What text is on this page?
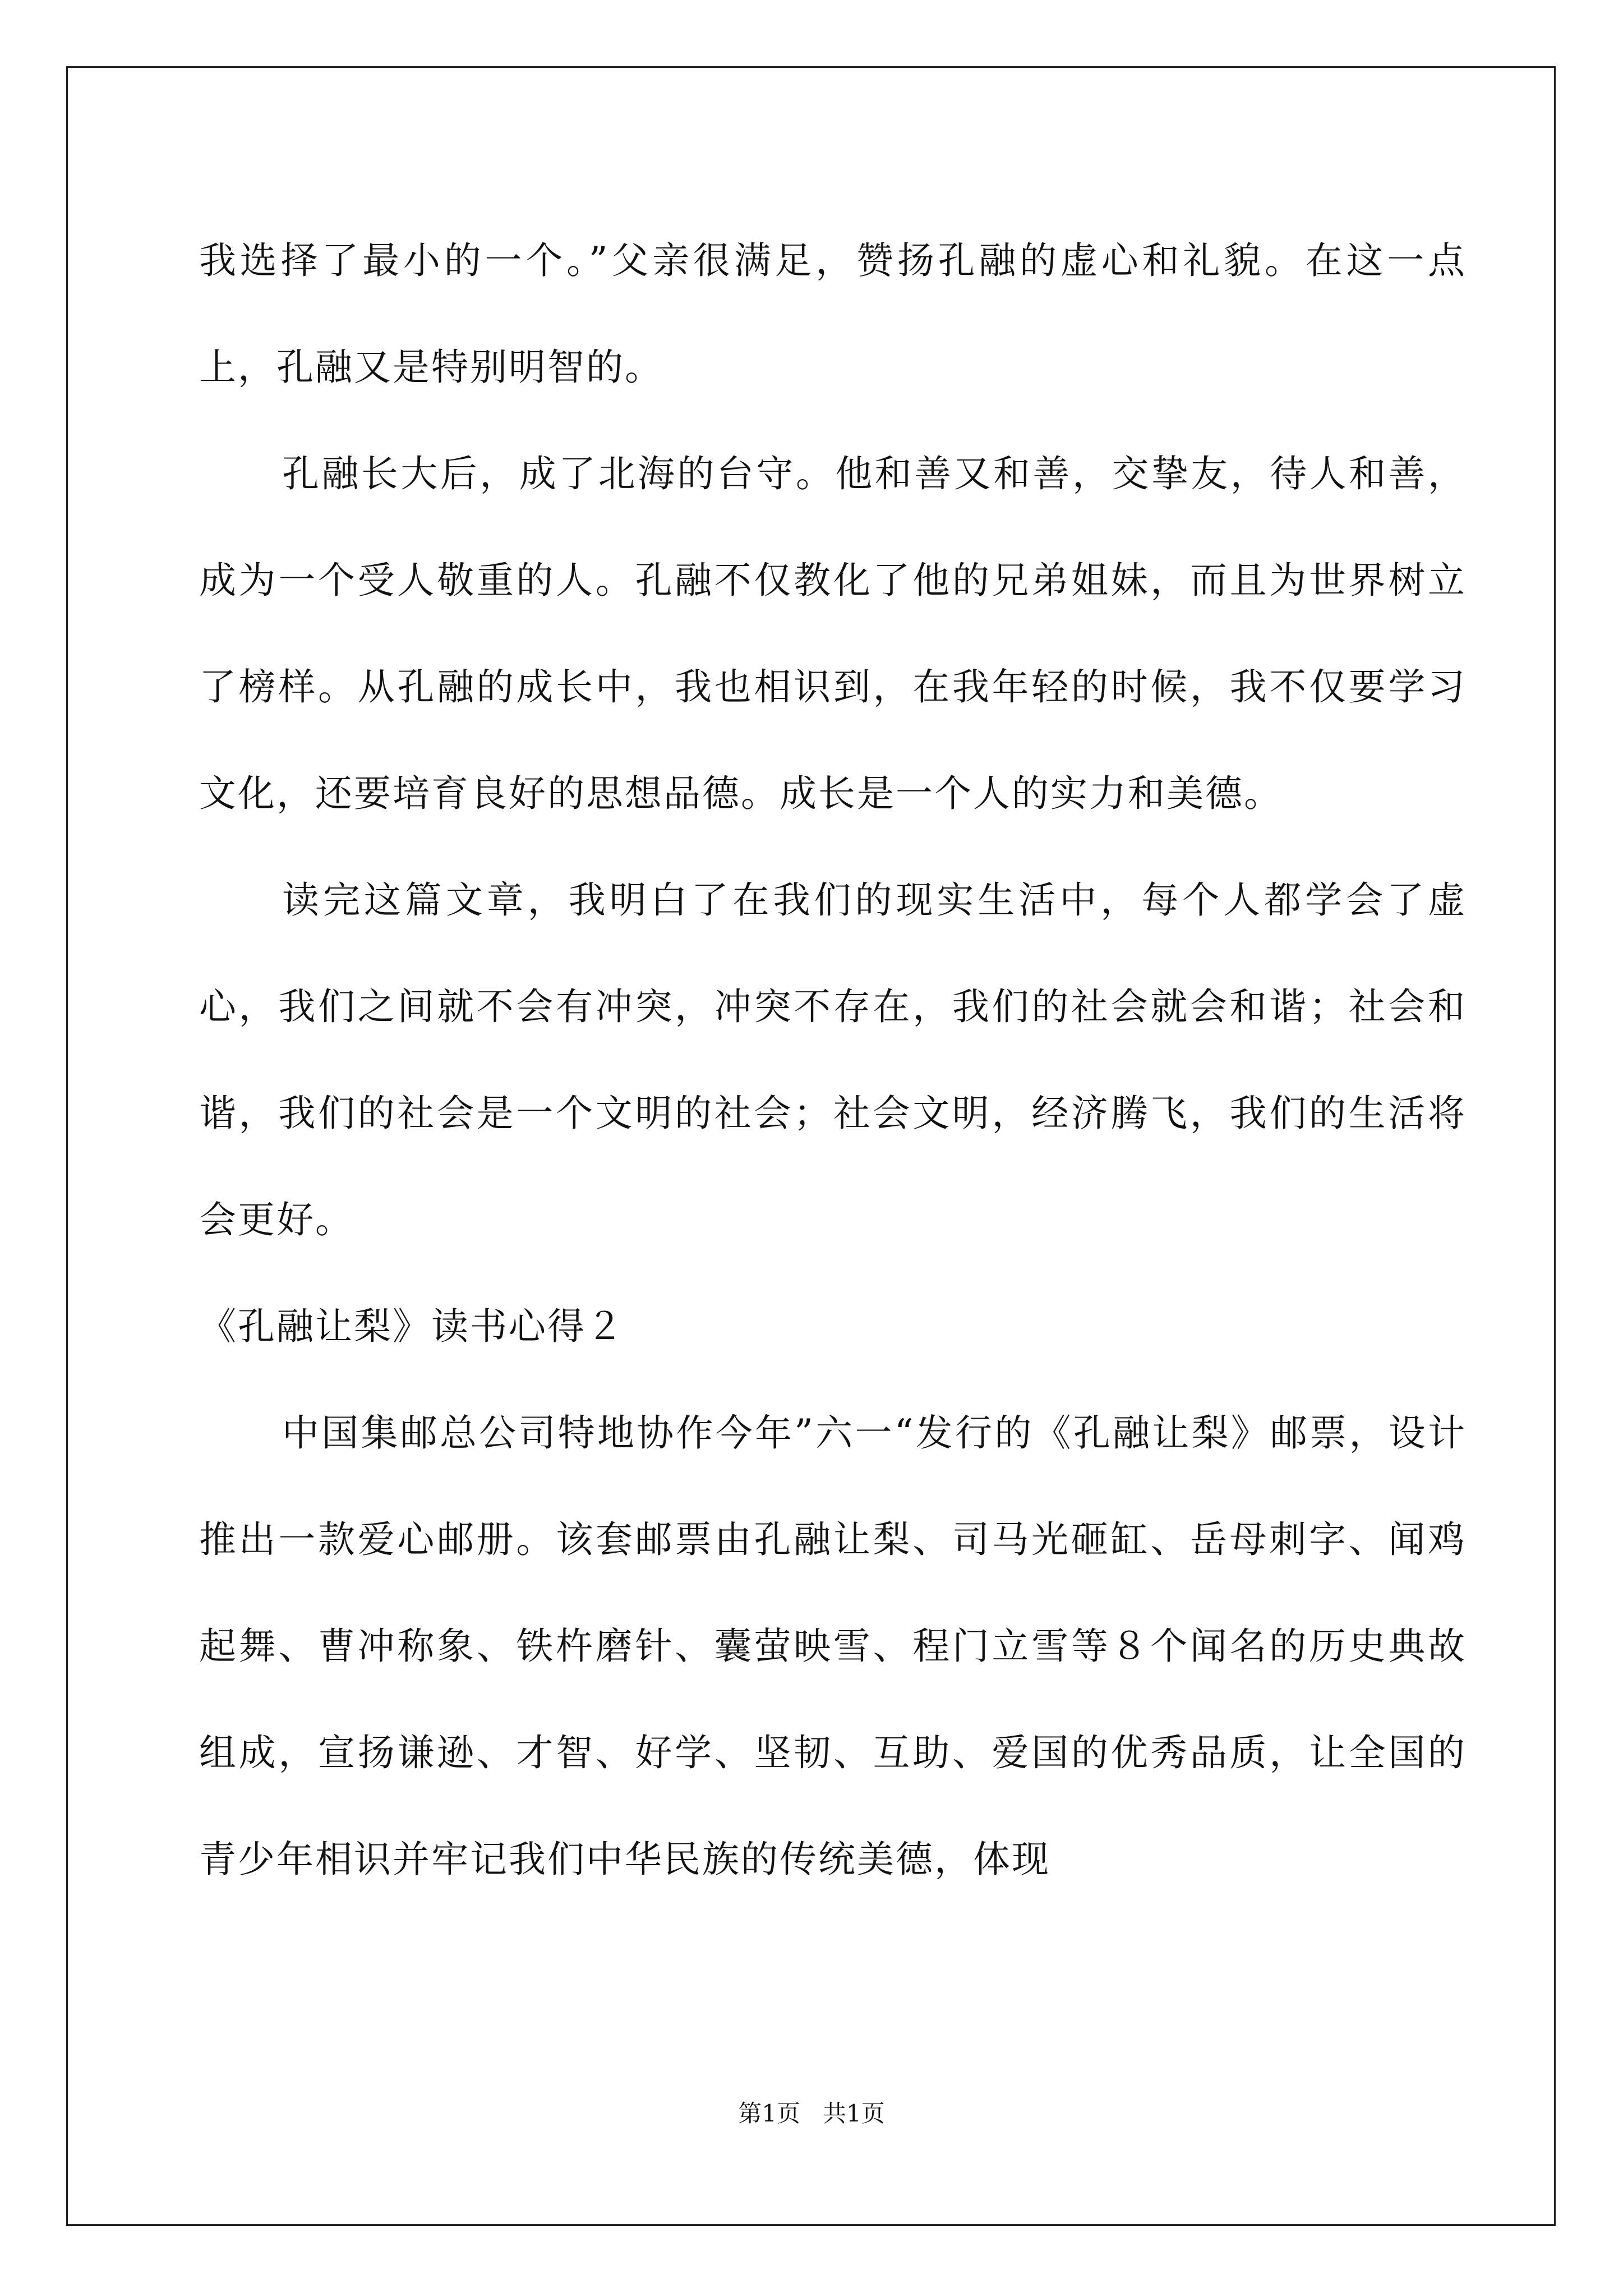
我选择了最小的一个。”父亲很满足，赞扬孔融的虚心和礼貌。在这一点上，孔融又是特别明智的。

孔融长大后，成了北海的台守。他和善又和善，交挚友，待人和善，成为一个受人敬重的人。孔融不仅教化了他的兄弟姐妹，而且为世界树立了榜样。从孔融的成长中，我也相识到，在我年轻的时候，我不仅要学习文化，还要培育良好的思想品德。成长是一个人的实力和美德。

读完这篇文章，我明白了在我们的现实生活中，每个人都学会了虚心，我们之间就不会有冲突，冲突不存在，我们的社会就会和谐；社会和谐，我们的社会是一个文明的社会；社会文明，经济腾飞，我们的生活将会更好。

《孔融让梨》读书心得２

中国集邮总公司特地协作今年”六一“发行的《孔融让梨》邮票，设计推出一款爱心邮册。该套邮票由孔融让梨、司马光砸缸、岳母刺字、闻鸡起舞、曹冲称象、铁杵磨针、囊萤映雪、程门立雪等８个闻名的历史典故组成，宣扬谦逊、才智、好学、坚韧、互助、爱国的优秀品质，让全国的青少年相识并牢记我们中华民族的传统美德，体现

第1页 共1页
